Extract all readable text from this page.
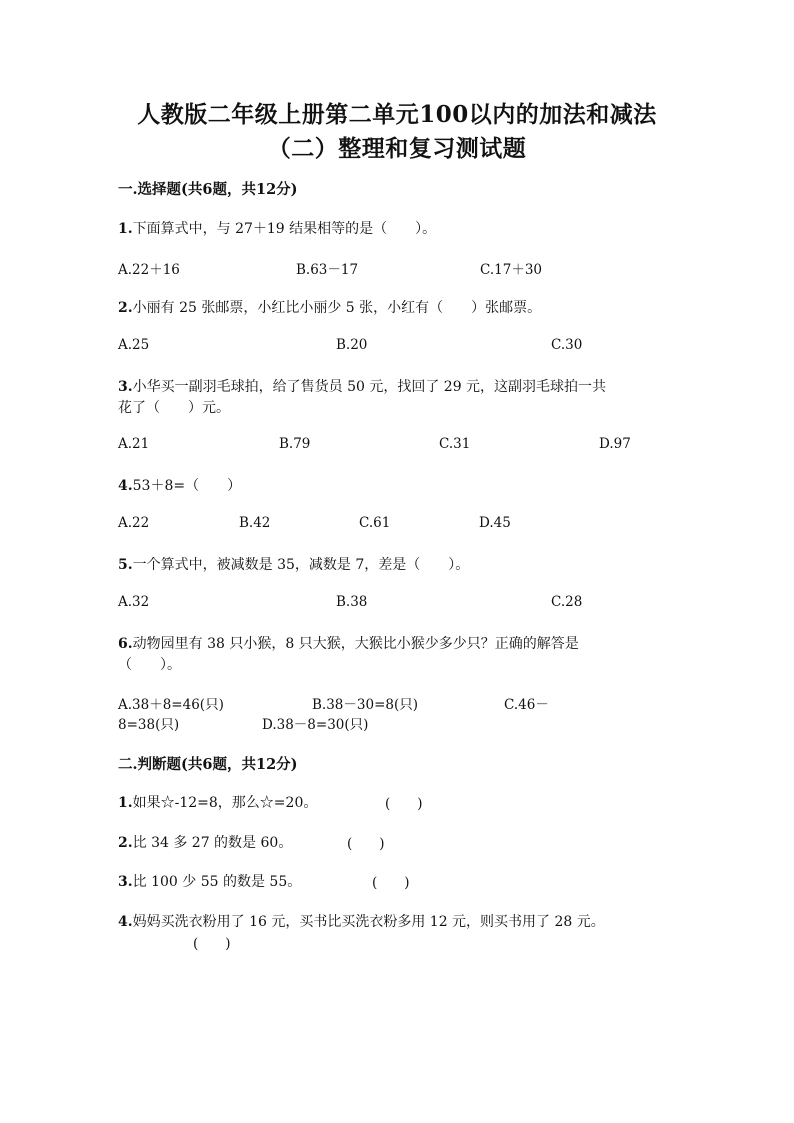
人教版二年级上册第二单元100以内的加法和减法
（二）整理和复习测试题
一.选择题(共6题，共12分)
1.下面算式中，与 27＋19 结果相等的是（　　）。
A.22＋16	B.63－17	C.17＋30
2.小丽有 25 张邮票，小红比小丽少 5 张，小红有（　　）张邮票。
A.25	B.20	C.30
3.小华买一副羽毛球拍，给了售货员 50 元，找回了 29 元，这副羽毛球拍一共
花了（　　）元。
A.21	B.79	C.31	D.97
4.53＋8=（　　）
A.22	B.42	C.61	D.45
5.一个算式中，被减数是 35，减数是 7，差是（　　）。
A.32	B.38	C.28
6.动物园里有 38 只小猴，8 只大猴，大猴比小猴少多少只？正确的解答是
（　　）。
A.38＋8=46(只)	B.38－30=8(只)	C.46－
8=38(只)	D.38－8=30(只)
二.判断题(共6题，共12分)
1.如果☆-12=8，那么☆=20。	(　　)
2.比 34 多 27 的数是 60。	(　　)
3.比 100 少 55 的数是 55。	(　　)
4.妈妈买洗衣粉用了 16 元，买书比买洗衣粉多用 12 元，则买书用了 28 元。
(　　)
